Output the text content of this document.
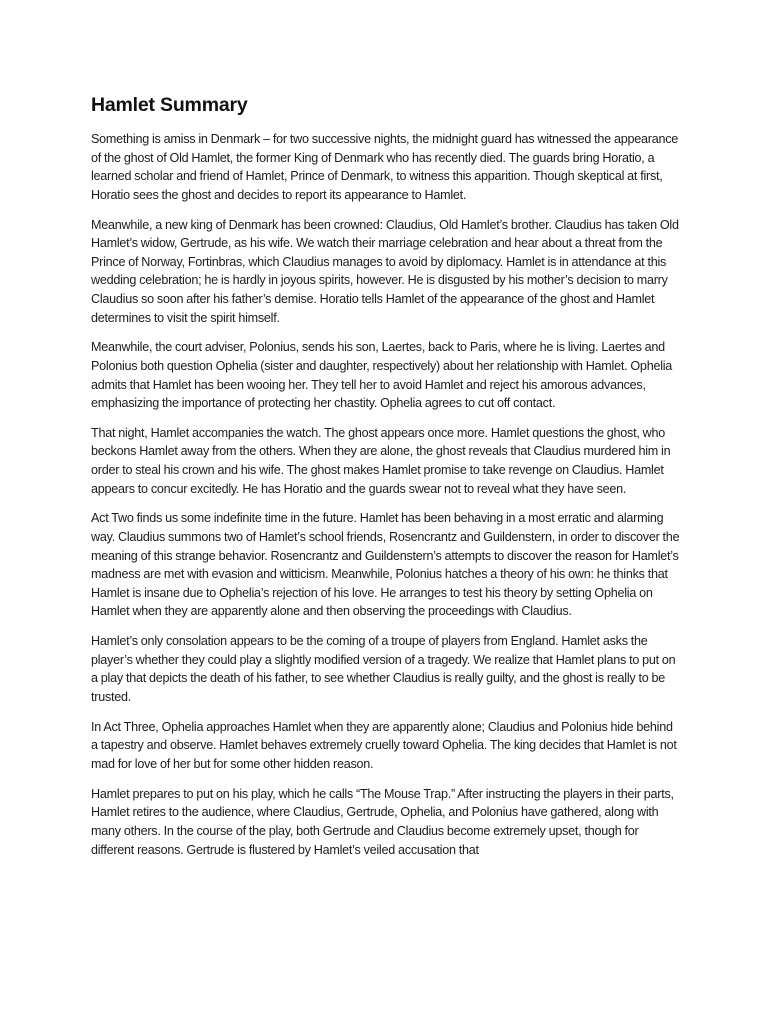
Hamlet Summary

Something is amiss in Denmark – for two successive nights, the midnight guard has witnessed the appearance of the ghost of Old Hamlet, the former King of Denmark who has recently died. The guards bring Horatio, a learned scholar and friend of Hamlet, Prince of Denmark, to witness this apparition. Though skeptical at first, Horatio sees the ghost and decides to report its appearance to Hamlet.

Meanwhile, a new king of Denmark has been crowned: Claudius, Old Hamlet’s brother. Claudius has taken Old Hamlet’s widow, Gertrude, as his wife. We watch their marriage celebration and hear about a threat from the Prince of Norway, Fortinbras, which Claudius manages to avoid by diplomacy. Hamlet is in attendance at this wedding celebration; he is hardly in joyous spirits, however. He is disgusted by his mother’s decision to marry Claudius so soon after his father’s demise. Horatio tells Hamlet of the appearance of the ghost and Hamlet determines to visit the spirit himself.

Meanwhile, the court adviser, Polonius, sends his son, Laertes, back to Paris, where he is living. Laertes and Polonius both question Ophelia (sister and daughter, respectively) about her relationship with Hamlet. Ophelia admits that Hamlet has been wooing her. They tell her to avoid Hamlet and reject his amorous advances, emphasizing the importance of protecting her chastity. Ophelia agrees to cut off contact.

That night, Hamlet accompanies the watch. The ghost appears once more. Hamlet questions the ghost, who beckons Hamlet away from the others. When they are alone, the ghost reveals that Claudius murdered him in order to steal his crown and his wife. The ghost makes Hamlet promise to take revenge on Claudius. Hamlet appears to concur excitedly. He has Horatio and the guards swear not to reveal what they have seen.

Act Two finds us some indefinite time in the future. Hamlet has been behaving in a most erratic and alarming way. Claudius summons two of Hamlet’s school friends, Rosencrantz and Guildenstern, in order to discover the meaning of this strange behavior. Rosencrantz and Guildenstern’s attempts to discover the reason for Hamlet’s madness are met with evasion and witticism. Meanwhile, Polonius hatches a theory of his own: he thinks that Hamlet is insane due to Ophelia’s rejection of his love. He arranges to test his theory by setting Ophelia on Hamlet when they are apparently alone and then observing the proceedings with Claudius.

Hamlet’s only consolation appears to be the coming of a troupe of players from England. Hamlet asks the player’s whether they could play a slightly modified version of a tragedy. We realize that Hamlet plans to put on a play that depicts the death of his father, to see whether Claudius is really guilty, and the ghost is really to be trusted.

In Act Three, Ophelia approaches Hamlet when they are apparently alone; Claudius and Polonius hide behind a tapestry and observe. Hamlet behaves extremely cruelly toward Ophelia. The king decides that Hamlet is not mad for love of her but for some other hidden reason.

Hamlet prepares to put on his play, which he calls “The Mouse Trap.” After instructing the players in their parts, Hamlet retires to the audience, where Claudius, Gertrude, Ophelia, and Polonius have gathered, along with many others. In the course of the play, both Gertrude and Claudius become extremely upset, though for different reasons. Gertrude is flustered by Hamlet’s veiled accusation that
